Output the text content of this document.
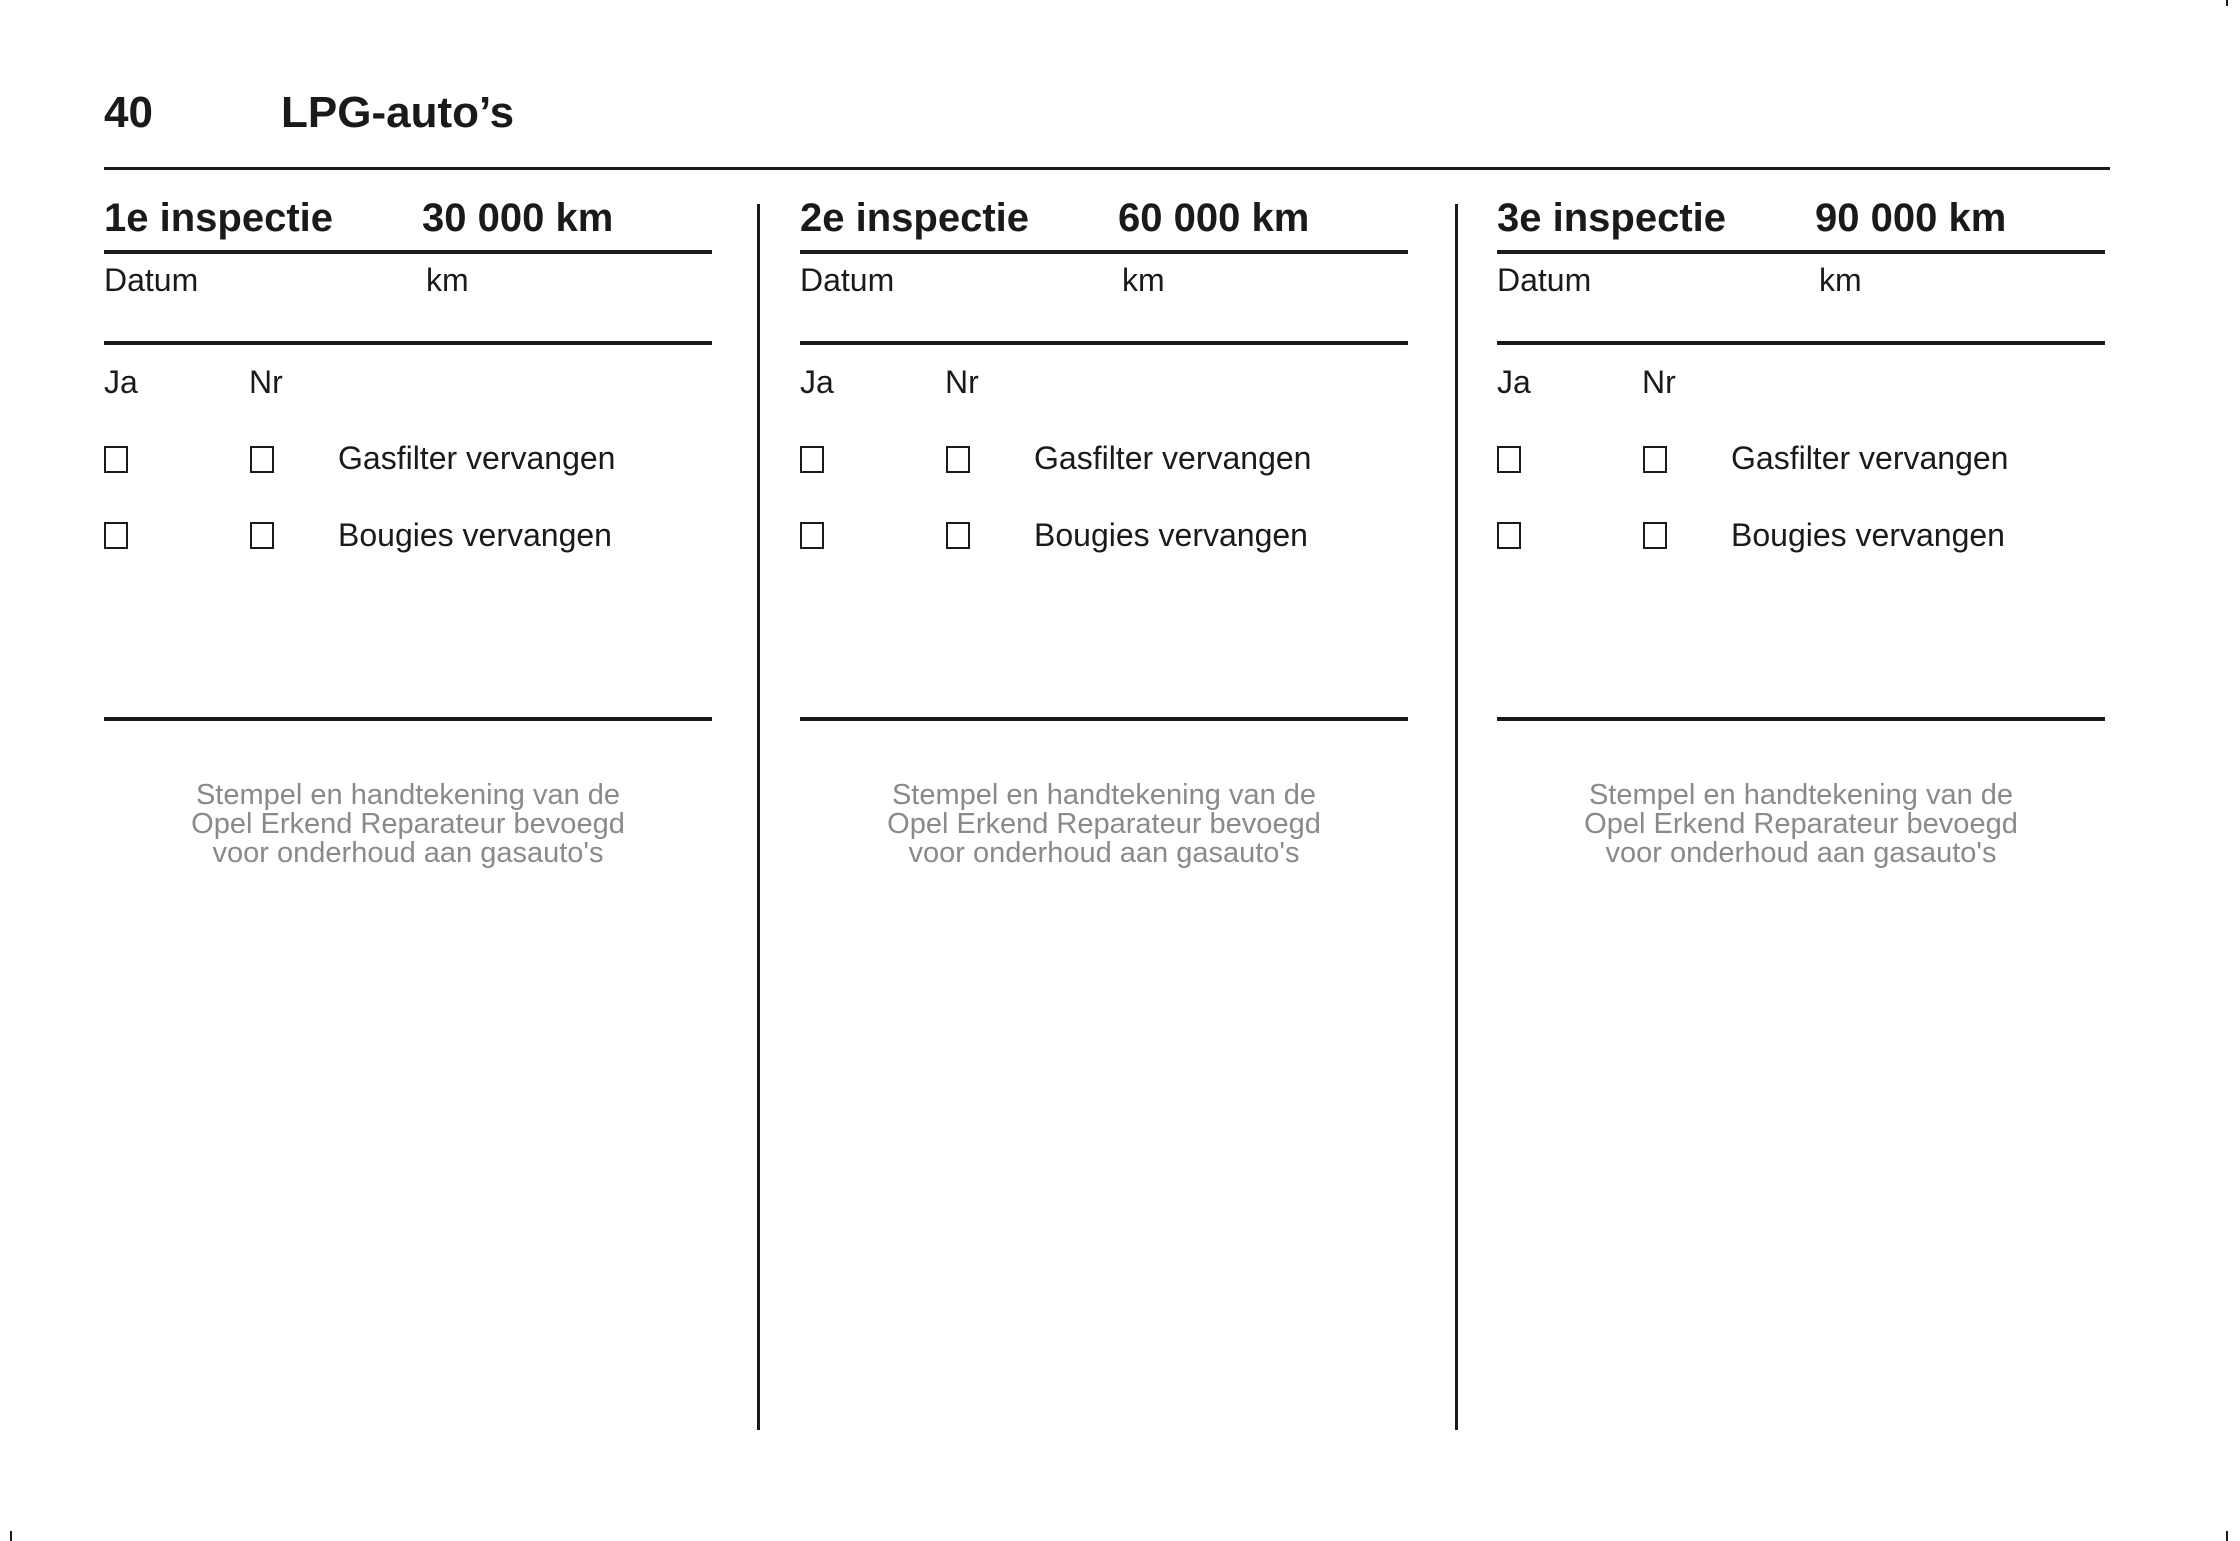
40	LPG-auto’s
1e inspectie 30 000 km
Datum	km
Ja	Nr
Gasfilter vervangen
Bougies vervangen
Stempel en handtekening van de
Opel Erkend Reparateur bevoegd
voor onderhoud aan gasauto's
2e inspectie 60 000 km
Datum	km
Ja	Nr
Gasfilter vervangen
Bougies vervangen
Stempel en handtekening van de
Opel Erkend Reparateur bevoegd
voor onderhoud aan gasauto's
3e inspectie 90 000 km
Datum	km
Ja	Nr
Gasfilter vervangen
Bougies vervangen
Stempel en handtekening van de
Opel Erkend Reparateur bevoegd
voor onderhoud aan gasauto's
